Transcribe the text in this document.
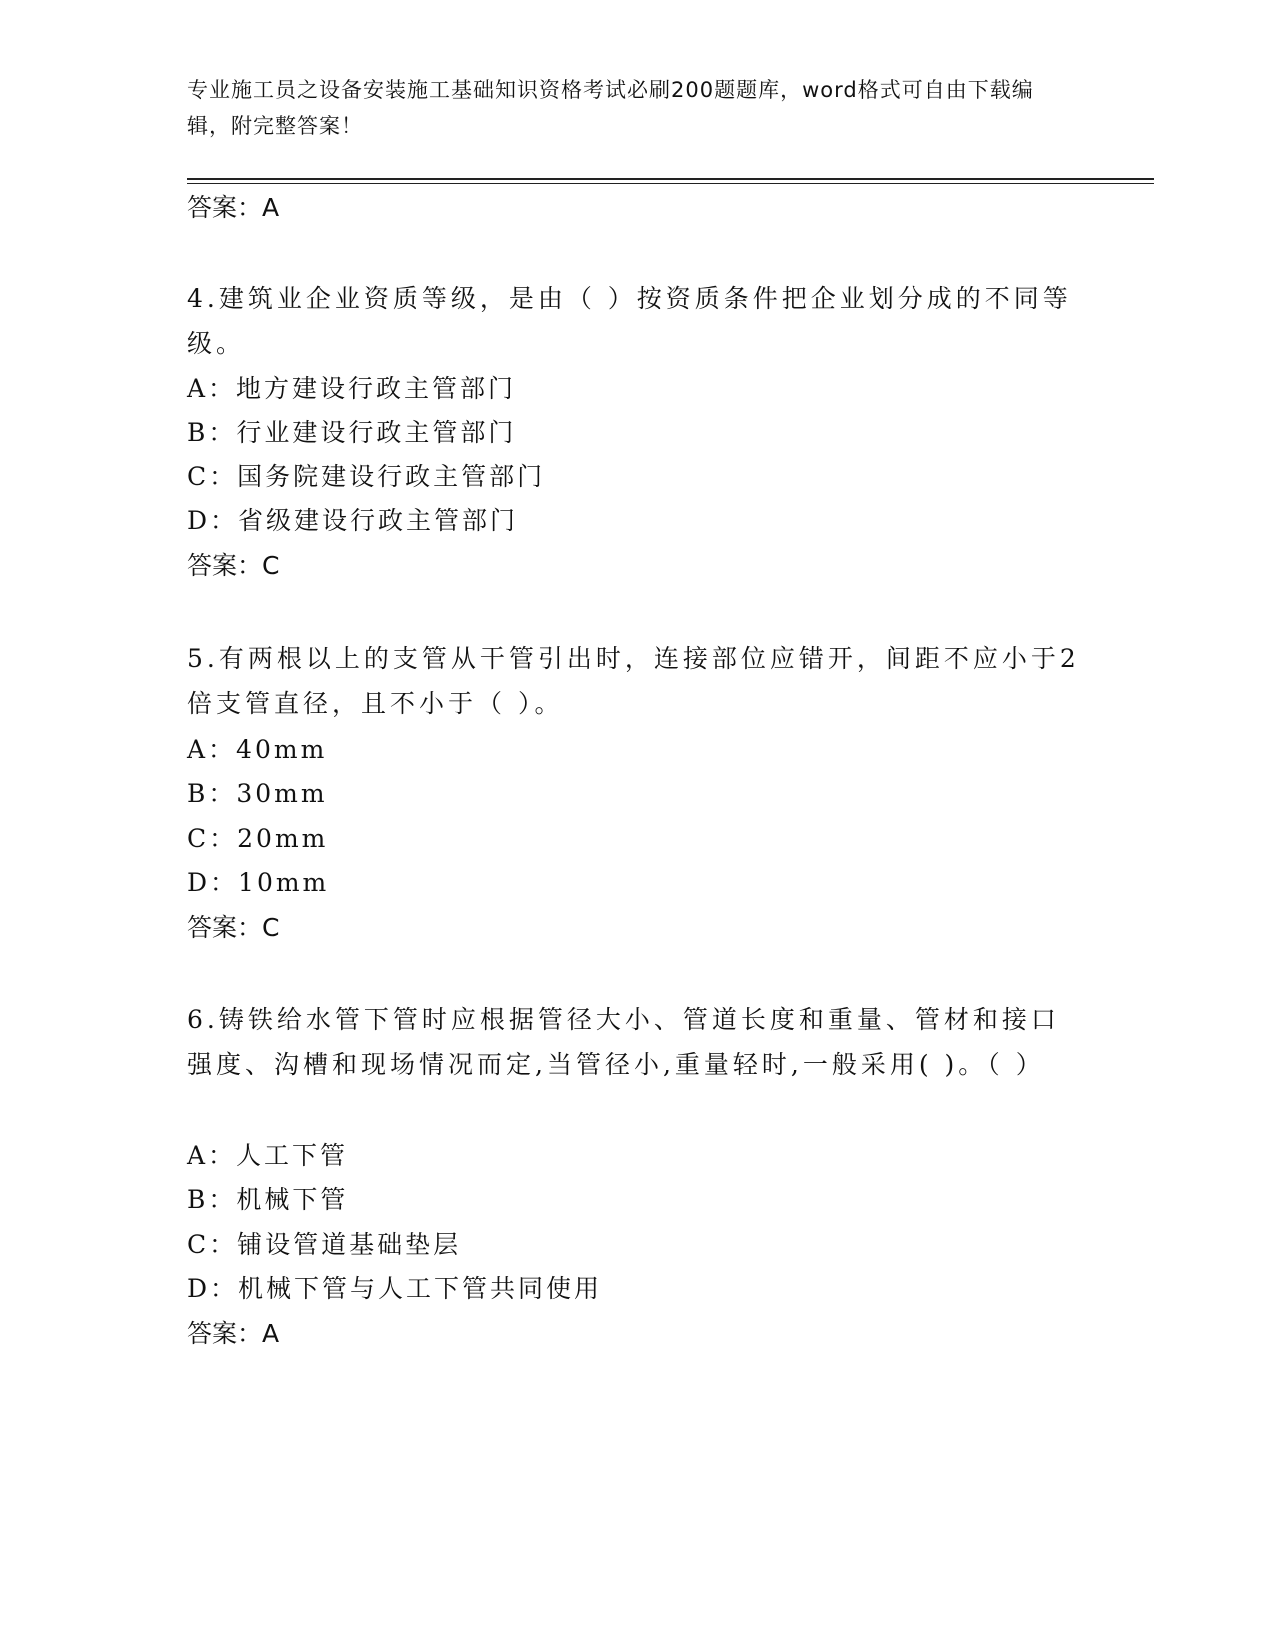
专业施工员之设备安装施工基础知识资格考试必刷200题题库，word格式可自由下载编辑，附完整答案！
答案：A
4.建筑业企业资质等级，是由（ ）按资质条件把企业划分成的不同等级。
A：地方建设行政主管部门
B：行业建设行政主管部门
C：国务院建设行政主管部门
D：省级建设行政主管部门
答案：C
5.有两根以上的支管从干管引出时，连接部位应错开，间距不应小于2倍支管直径，且不小于（ ）。
A：40mm
B：30mm
C：20mm
D：10mm
答案：C
6.铸铁给水管下管时应根据管径大小、管道长度和重量、管材和接口强度、沟槽和现场情况而定,当管径小,重量轻时,一般采用( )。（ ）
A：人工下管
B：机械下管
C：铺设管道基础垫层
D：机械下管与人工下管共同使用
答案：A
